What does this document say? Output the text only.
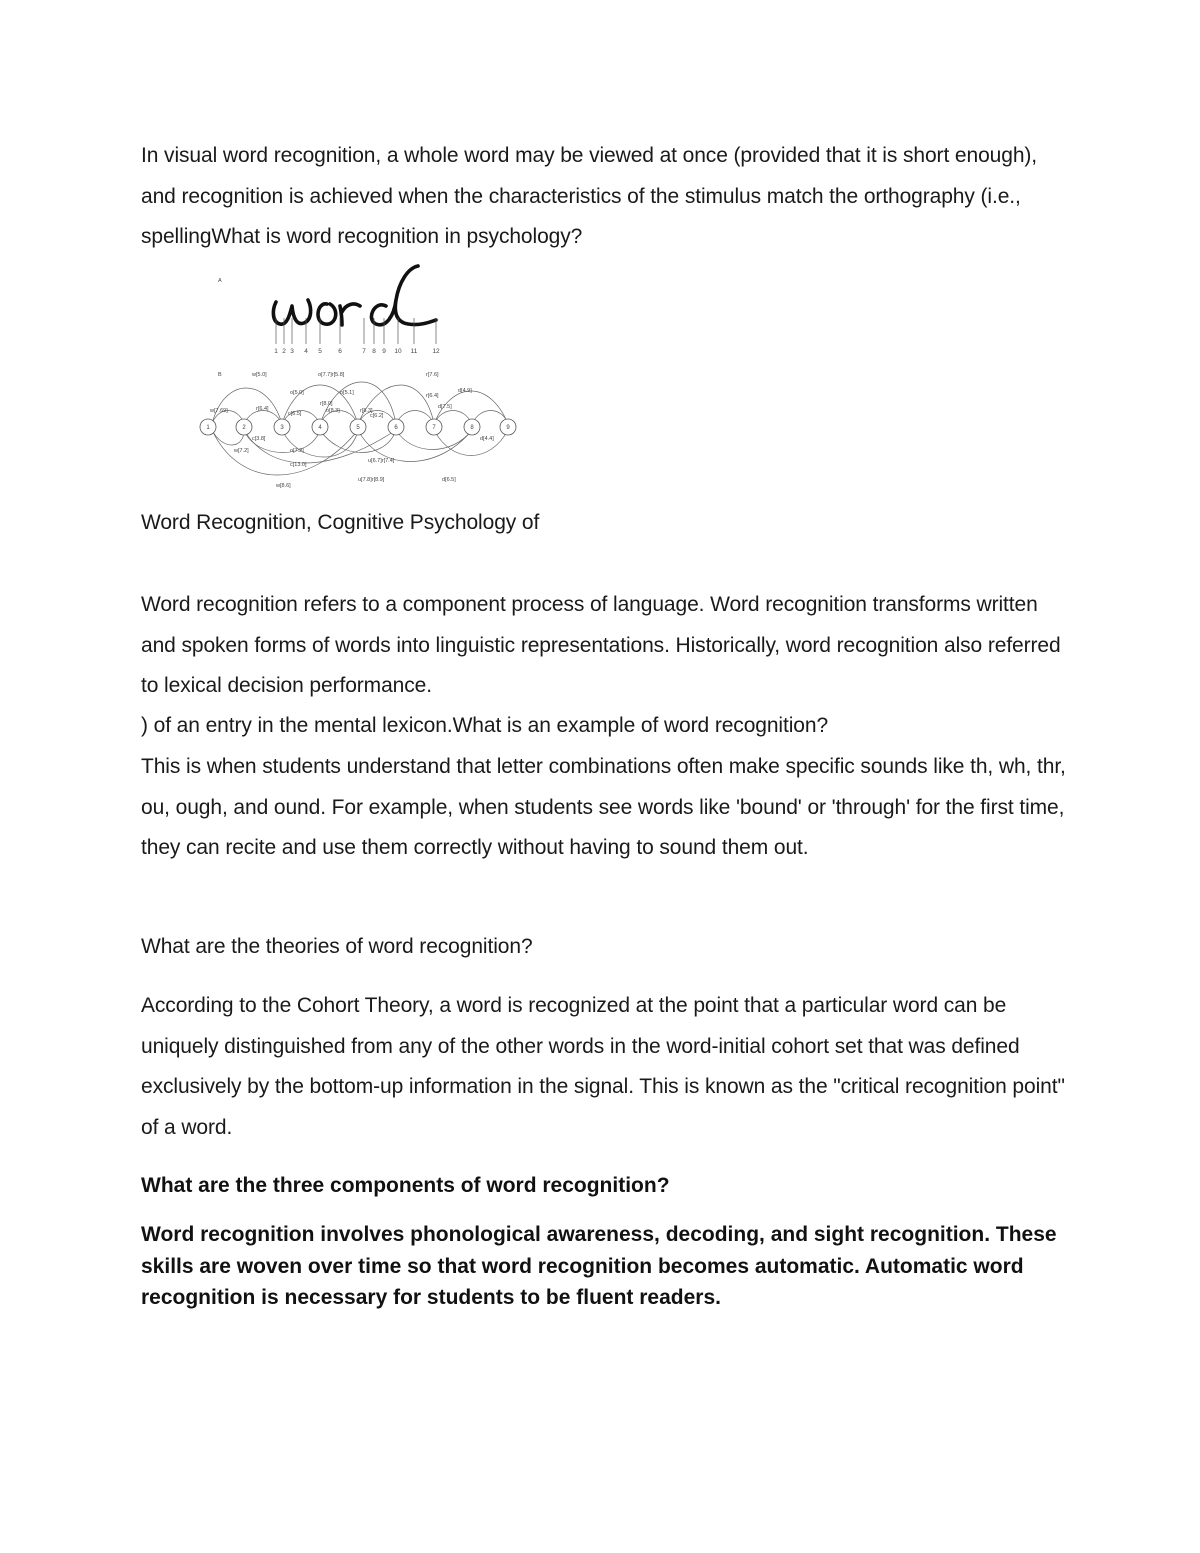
In visual word recognition, a whole word may be viewed at once (provided that it is short enough), and recognition is achieved when the characteristics of the stimulus match the orthography (i.e., spellingWhat is word recognition in psychology?

A
1 2 3 4 5	6	7 8 9 10 11 12
B
1	2	3	4	5	6	7	8	9
w[5.0]	o[7.7]r[5.8]	r[7.6]
o[5.0]	o[5.1]	d[4.9]
w[7.69]	r[6.4]
c[6.5]
r[8.0]	d[7.5]
o[8.3]	r[8.3]
c[6.2]
r[6.4]
d[4.4]
w[7.2]	o[7.2]
c[3.8]
c[13.0]
u[6.7]r[7.4]
u[7.8]r[8.9]	d[6.5]
w[8.6]

Word Recognition, Cognitive Psychology of

Word recognition refers to a component process of language. Word recognition transforms written and spoken forms of words into linguistic representations. Historically, word recognition also referred to lexical decision performance.

) of an entry in the mental lexicon.What is an example of word recognition?

This is when students understand that letter combinations often make specific sounds like th, wh, thr, ou, ough, and ound. For example, when students see words like 'bound' or 'through' for the first time, they can recite and use them correctly without having to sound them out.

What are the theories of word recognition?

According to the Cohort Theory, a word is recognized at the point that a particular word can be uniquely distinguished from any of the other words in the word-initial cohort set that was defined exclusively by the bottom-up information in the signal. This is known as the "critical recognition point" of a word.

What are the three components of word recognition?

Word recognition involves phonological awareness, decoding, and sight recognition. These skills are woven over time so that word recognition becomes automatic. Automatic word recognition is necessary for students to be fluent readers.
